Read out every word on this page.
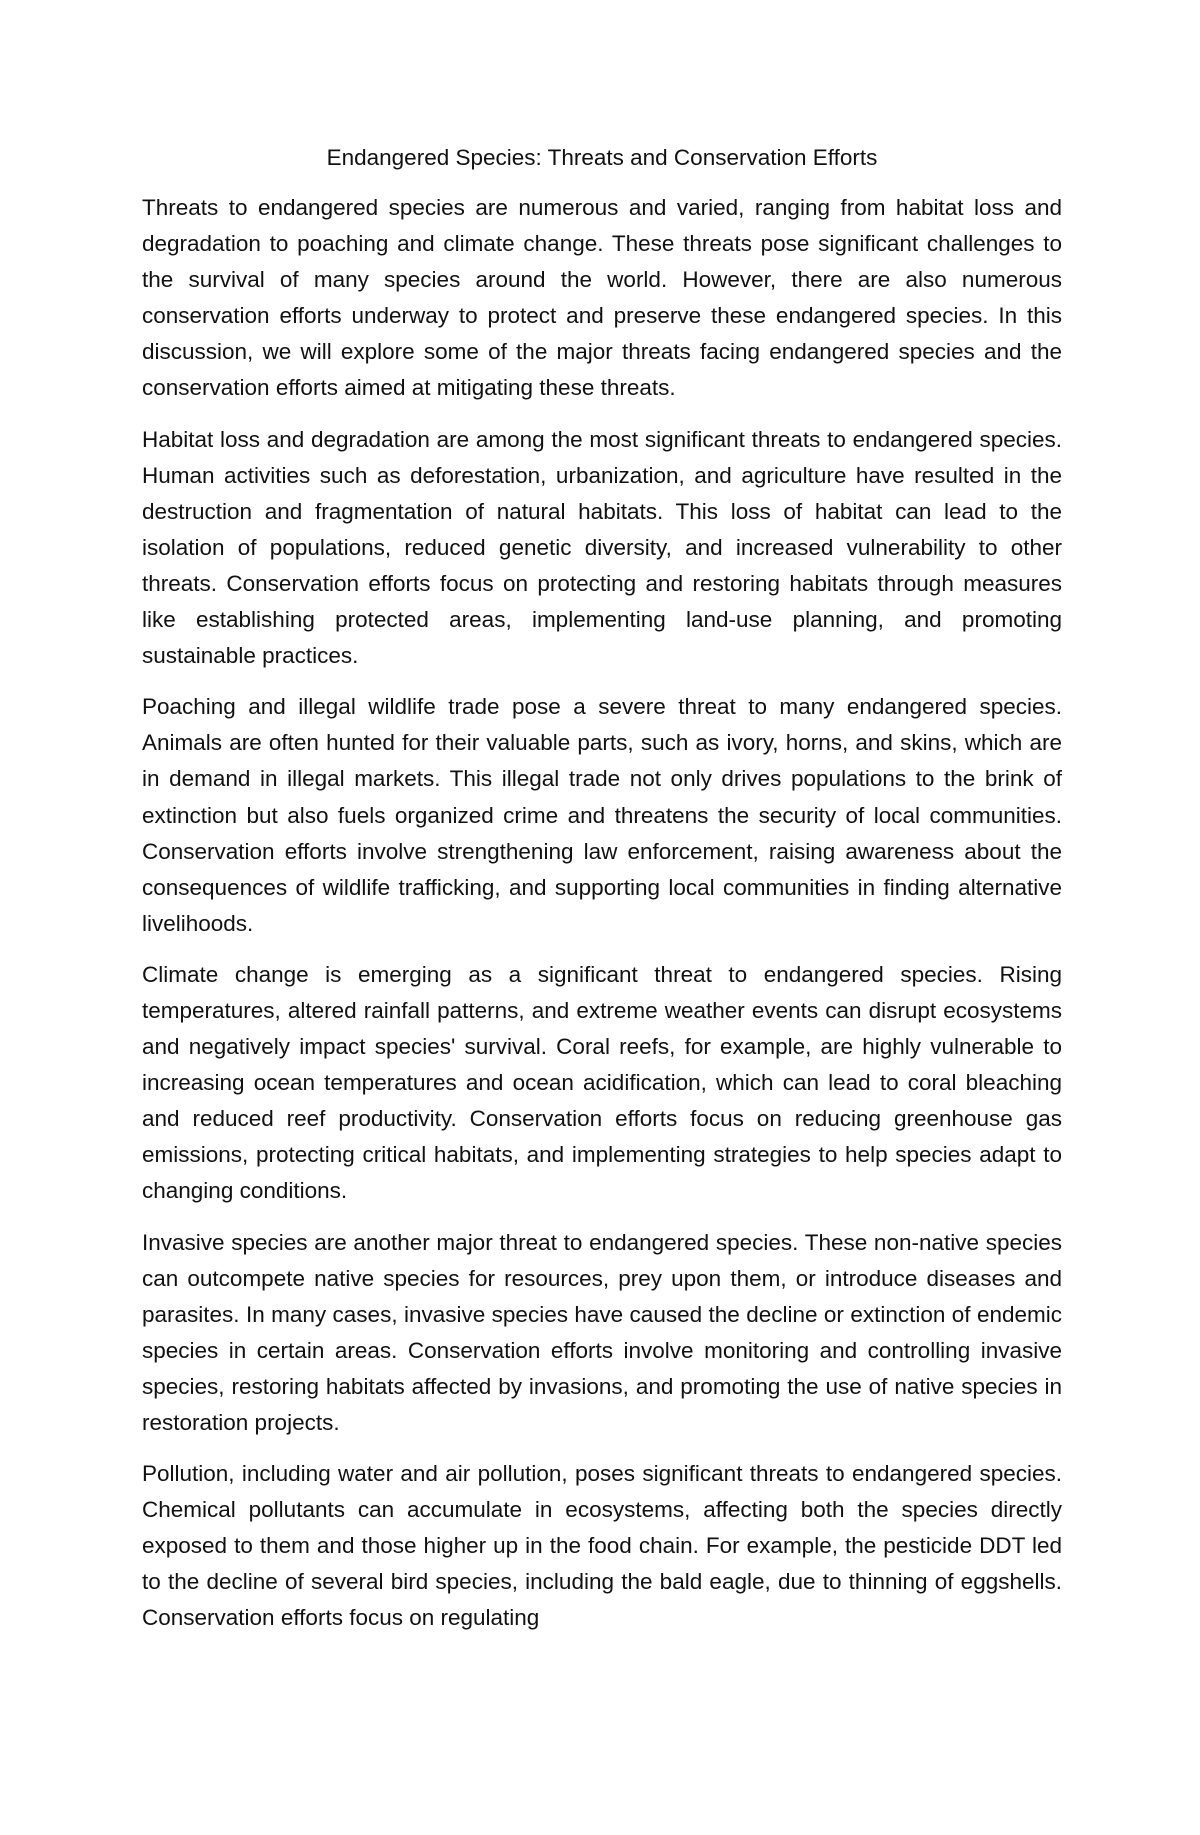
Endangered Species: Threats and Conservation Efforts

Threats to endangered species are numerous and varied, ranging from habitat loss and degradation to poaching and climate change. These threats pose significant challenges to the survival of many species around the world. However, there are also numerous conservation efforts underway to protect and preserve these endangered species. In this discussion, we will explore some of the major threats facing endangered species and the conservation efforts aimed at mitigating these threats.

Habitat loss and degradation are among the most significant threats to endangered species. Human activities such as deforestation, urbanization, and agriculture have resulted in the destruction and fragmentation of natural habitats. This loss of habitat can lead to the isolation of populations, reduced genetic diversity, and increased vulnerability to other threats. Conservation efforts focus on protecting and restoring habitats through measures like establishing protected areas, implementing land-use planning, and promoting sustainable practices.

Poaching and illegal wildlife trade pose a severe threat to many endangered species. Animals are often hunted for their valuable parts, such as ivory, horns, and skins, which are in demand in illegal markets. This illegal trade not only drives populations to the brink of extinction but also fuels organized crime and threatens the security of local communities. Conservation efforts involve strengthening law enforcement, raising awareness about the consequences of wildlife trafficking, and supporting local communities in finding alternative livelihoods.

Climate change is emerging as a significant threat to endangered species. Rising temperatures, altered rainfall patterns, and extreme weather events can disrupt ecosystems and negatively impact species' survival. Coral reefs, for example, are highly vulnerable to increasing ocean temperatures and ocean acidification, which can lead to coral bleaching and reduced reef productivity. Conservation efforts focus on reducing greenhouse gas emissions, protecting critical habitats, and implementing strategies to help species adapt to changing conditions.

Invasive species are another major threat to endangered species. These non-native species can outcompete native species for resources, prey upon them, or introduce diseases and parasites. In many cases, invasive species have caused the decline or extinction of endemic species in certain areas. Conservation efforts involve monitoring and controlling invasive species, restoring habitats affected by invasions, and promoting the use of native species in restoration projects.

Pollution, including water and air pollution, poses significant threats to endangered species. Chemical pollutants can accumulate in ecosystems, affecting both the species directly exposed to them and those higher up in the food chain. For example, the pesticide DDT led to the decline of several bird species, including the bald eagle, due to thinning of eggshells. Conservation efforts focus on regulating
